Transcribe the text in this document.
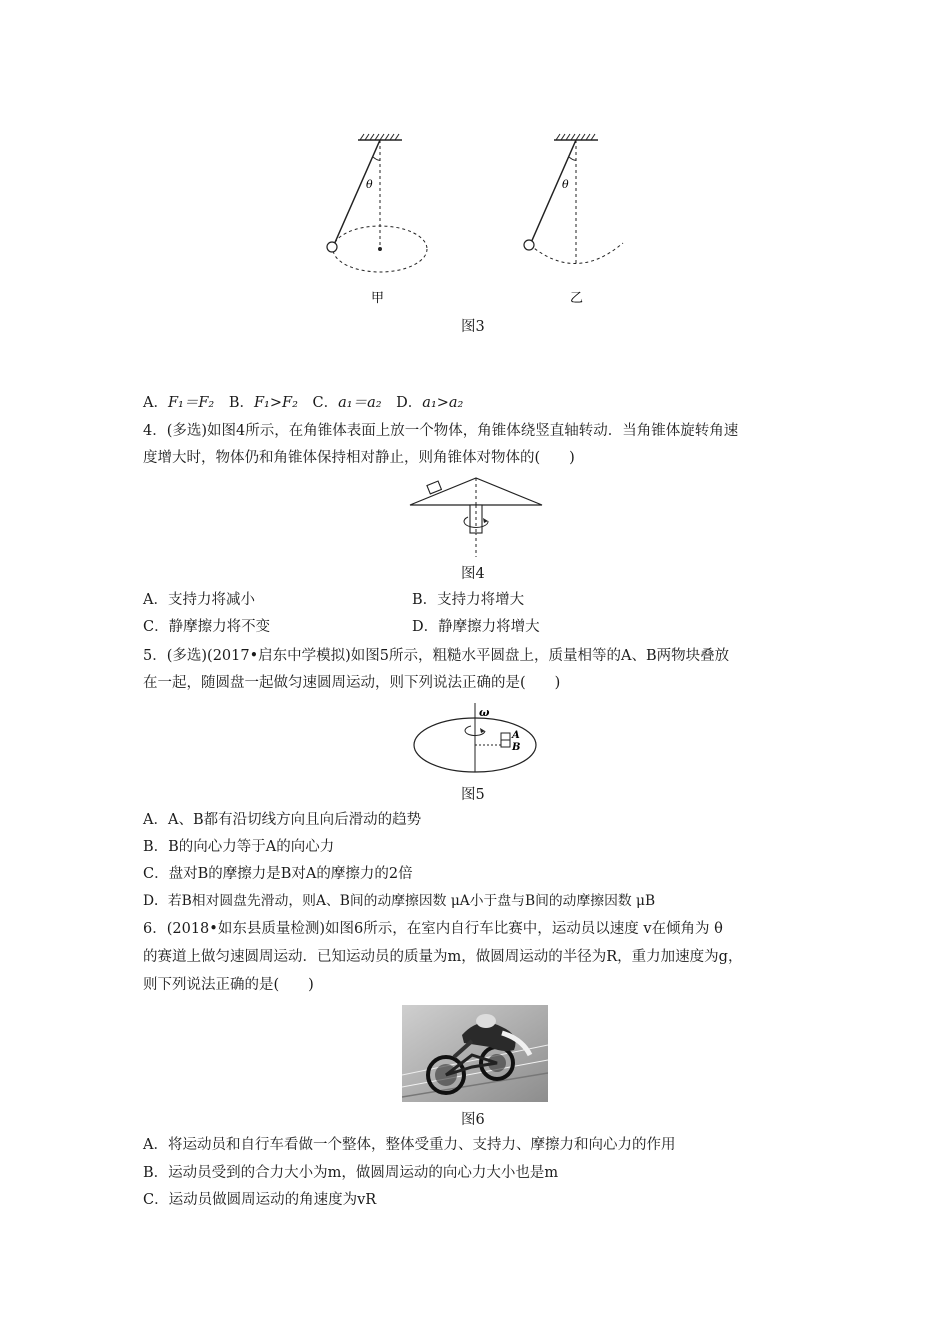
θ
甲
θ
乙
图3
A．F₁＝F₂ B．F₁>F₂ C．a₁＝a₂ D．a₁>a₂
4．(多选)如图4所示，在角锥体表面上放一个物体，角锥体绕竖直轴转动．当角锥体旋转角速
度增大时，物体仍和角锥体保持相对静止，则角锥体对物体的(　　)
图4
A．支持力将减小	B．支持力将增大
C．静摩擦力将不变	D．静摩擦力将增大
5．(多选)(2017•启东中学模拟)如图5所示，粗糙水平圆盘上，质量相等的A、B两物块叠放
在一起，随圆盘一起做匀速圆周运动，则下列说法正确的是(　　)
ω
A
B
图5
A．A、B都有沿切线方向且向后滑动的趋势
B．B的向心力等于A的向心力
C．盘对B的摩擦力是B对A的摩擦力的2倍
D．若B相对圆盘先滑动，则A、B间的动摩擦因数 μA小于盘与B间的动摩擦因数 μB
6．(2018•如东县质量检测)如图6所示，在室内自行车比赛中，运动员以速度 v在倾角为 θ
的赛道上做匀速圆周运动．已知运动员的质量为m，做圆周运动的半径为R，重力加速度为g，
则下列说法正确的是(　　)
图6
A．将运动员和自行车看做一个整体，整体受重力、支持力、摩擦力和向心力的作用
B．运动员受到的合力大小为m，做圆周运动的向心力大小也是m
C．运动员做圆周运动的角速度为vR
